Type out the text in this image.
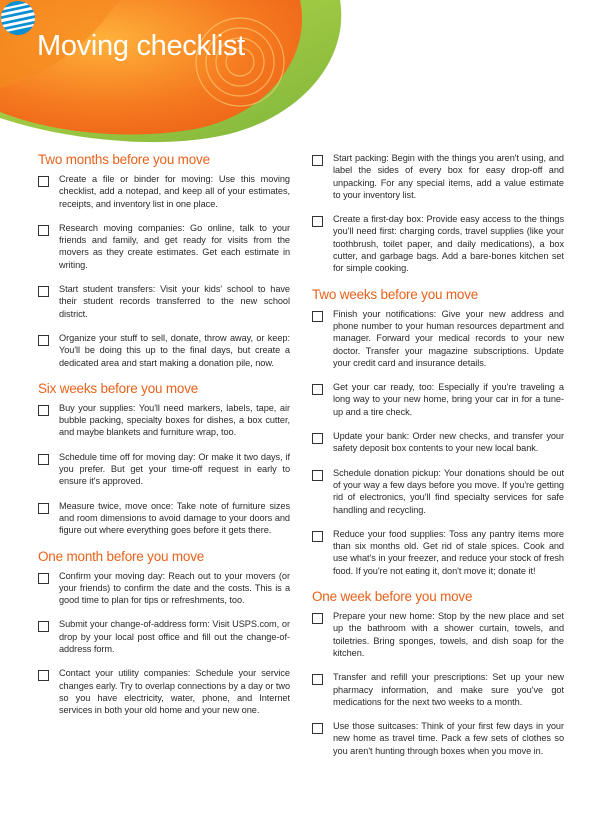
Moving checklist
Two months before you move
Create a file or binder for moving: Use this moving checklist, add a notepad, and keep all of your estimates, receipts, and inventory list in one place.
Research moving companies: Go online, talk to your friends and family, and get ready for visits from the movers as they create estimates. Get each estimate in writing.
Start student transfers: Visit your kids' school to have their student records transferred to the new school district.
Organize your stuff to sell, donate, throw away, or keep: You'll be doing this up to the final days, but create a dedicated area and start making a donation pile, now.
Six weeks before you move
Buy your supplies: You'll need markers, labels, tape, air bubble packing, specialty boxes for dishes, a box cutter, and maybe blankets and furniture wrap, too.
Schedule time off for moving day: Or make it two days, if you prefer. But get your time-off request in early to ensure it's approved.
Measure twice, move once: Take note of furniture sizes and room dimensions to avoid damage to your doors and figure out where everything goes before it gets there.
One month before you move
Confirm your moving day: Reach out to your movers (or your friends) to confirm the date and the costs. This is a good time to plan for tips or refreshments, too.
Submit your change-of-address form: Visit USPS.com, or drop by your local post office and fill out the change-of-address form.
Contact your utility companies: Schedule your service changes early. Try to overlap connections by a day or two so you have electricity, water, phone, and Internet services in both your old home and your new one.
Start packing: Begin with the things you aren't using, and label the sides of every box for easy drop-off and unpacking. For any special items, add a value estimate to your inventory list.
Create a first-day box: Provide easy access to the things you'll need first: charging cords, travel supplies (like your toothbrush, toilet paper, and daily medications), a box cutter, and garbage bags. Add a bare-bones kitchen set for simple cooking.
Two weeks before you move
Finish your notifications: Give your new address and phone number to your human resources department and manager. Forward your medical records to your new doctor. Transfer your magazine subscriptions. Update your credit card and insurance details.
Get your car ready, too: Especially if you're traveling a long way to your new home, bring your car in for a tune-up and a tire check.
Update your bank: Order new checks, and transfer your safety deposit box contents to your new local bank.
Schedule donation pickup: Your donations should be out of your way a few days before you move. If you're getting rid of electronics, you'll find specialty services for safe handling and recycling.
Reduce your food supplies: Toss any pantry items more than six months old. Get rid of stale spices. Cook and use what's in your freezer, and reduce your stock of fresh food. If you're not eating it, don't move it; donate it!
One week before you move
Prepare your new home: Stop by the new place and set up the bathroom with a shower curtain, towels, and toiletries. Bring sponges, towels, and dish soap for the kitchen.
Transfer and refill your prescriptions: Set up your new pharmacy information, and make sure you've got medications for the next two weeks to a month.
Use those suitcases: Think of your first few days in your new home as travel time. Pack a few sets of clothes so you aren't hunting through boxes when you move in.
